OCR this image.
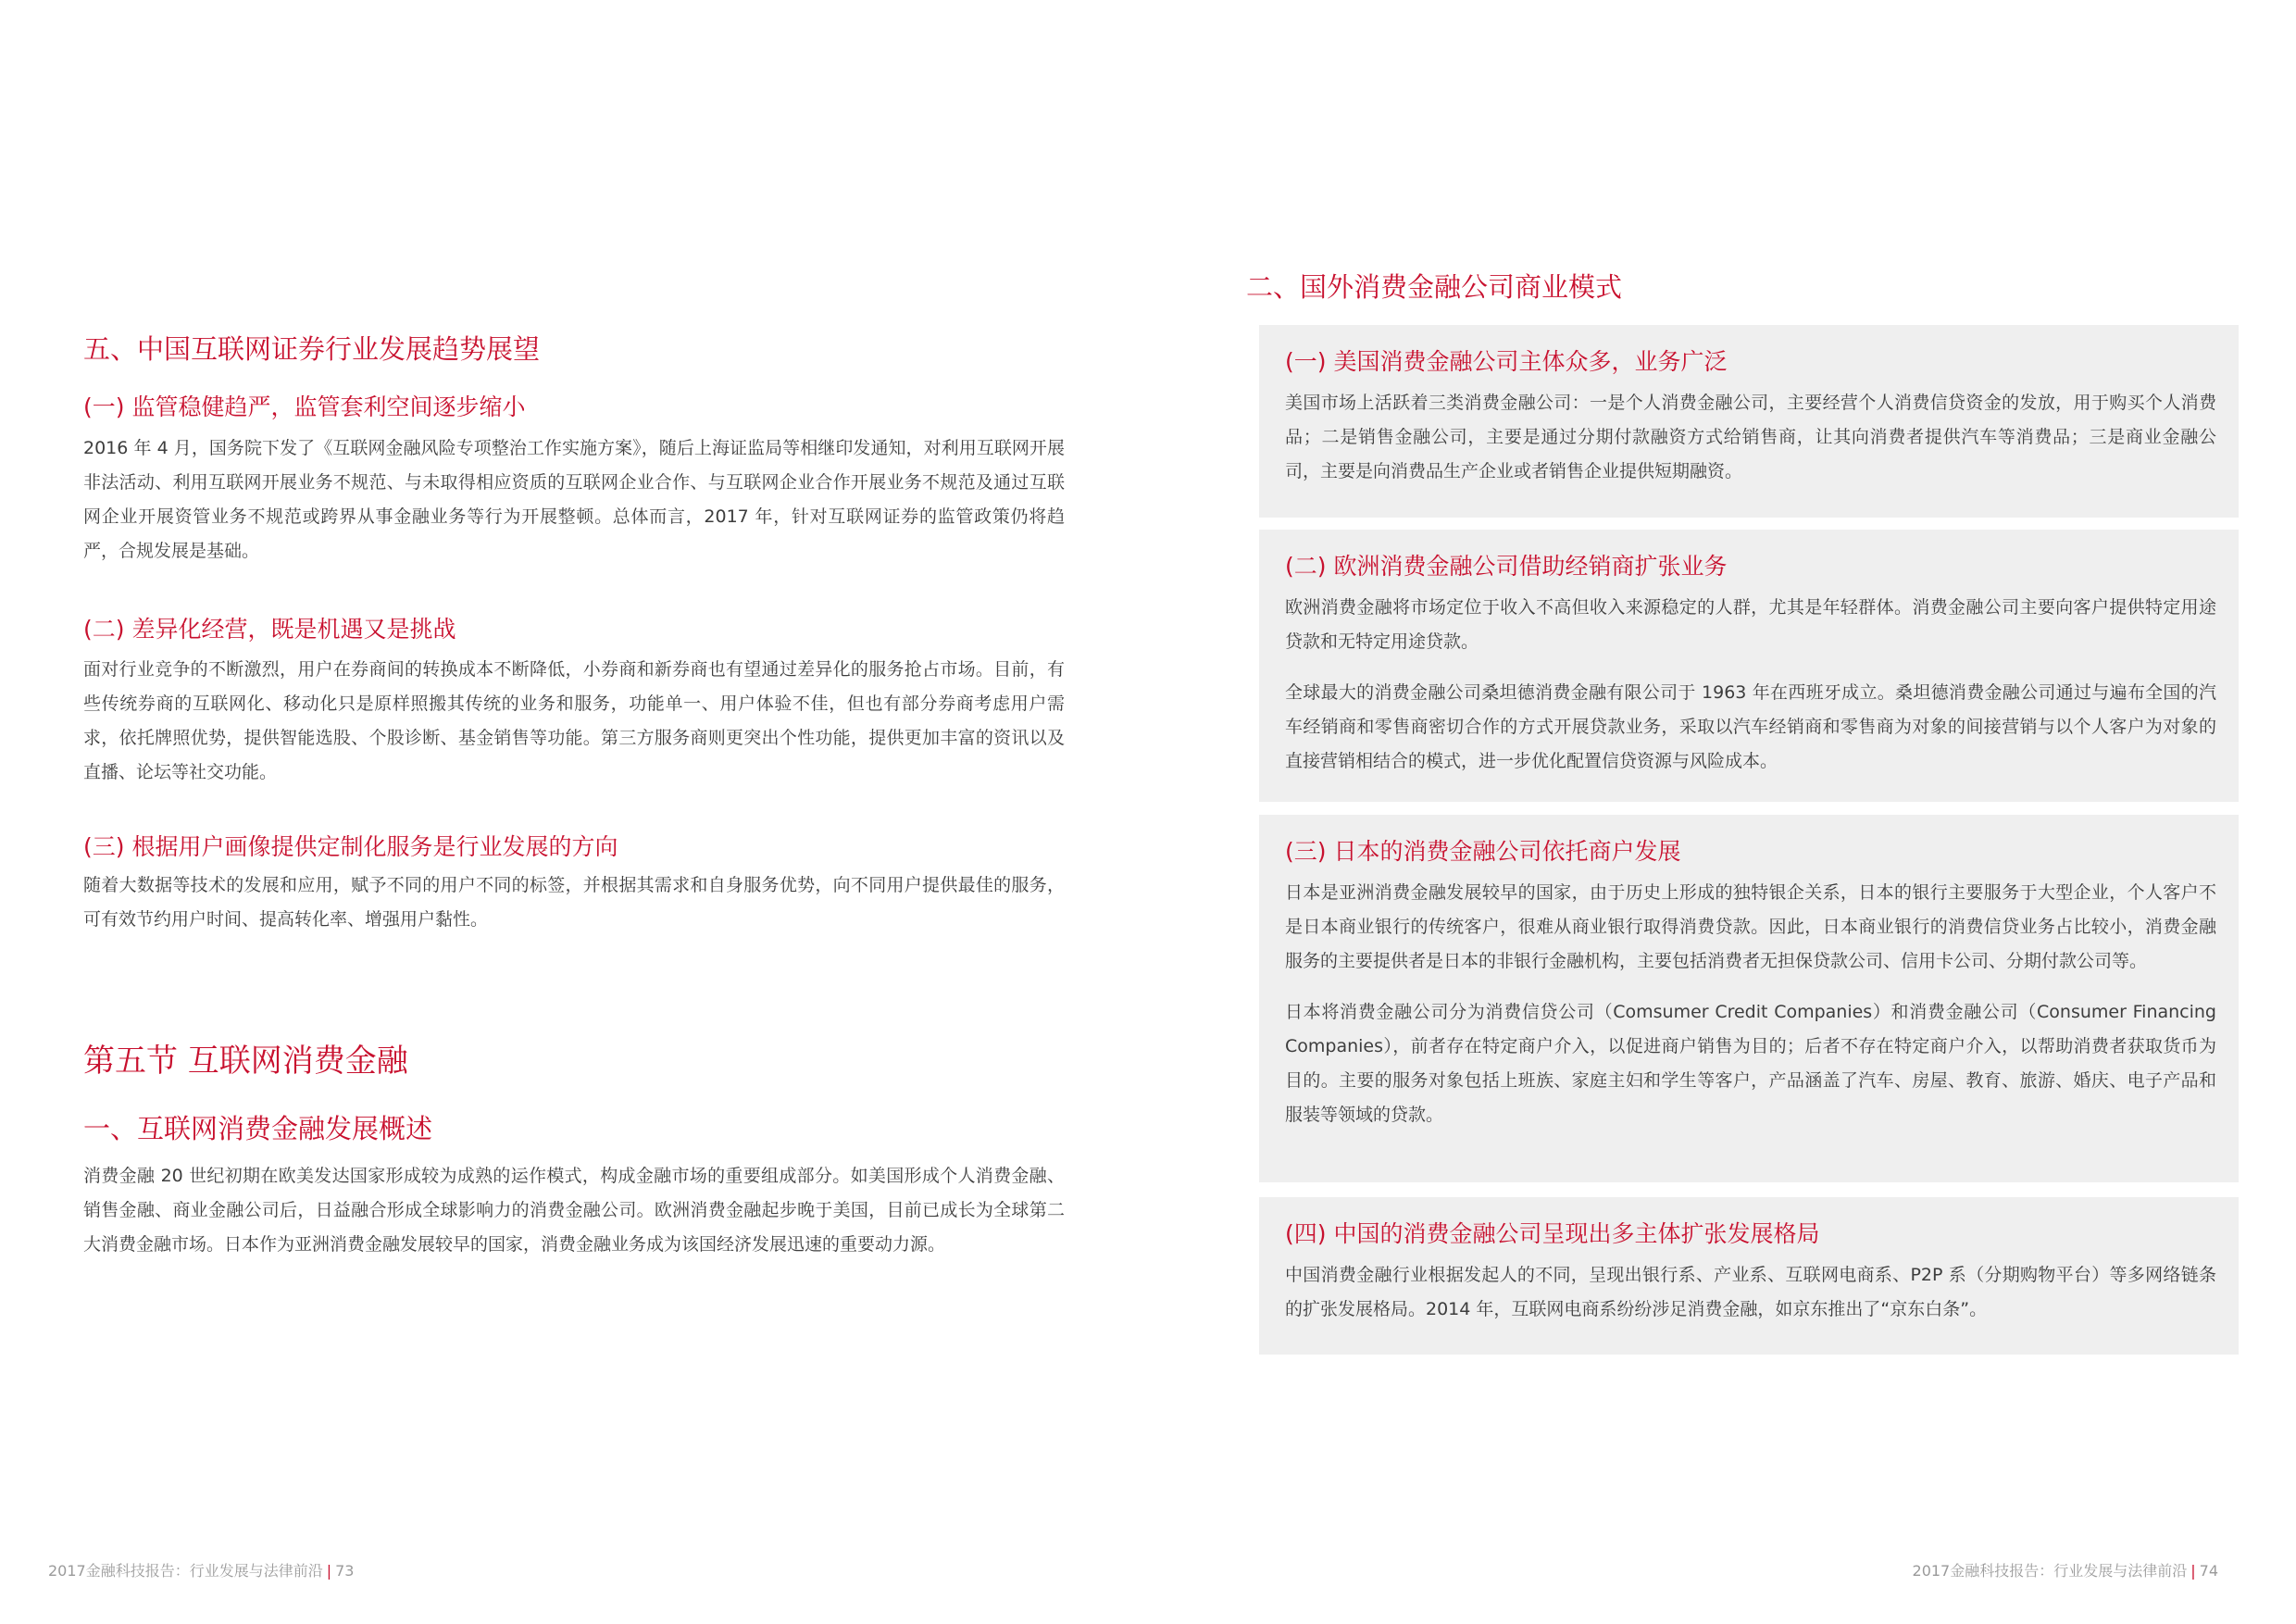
五、中国互联网证券行业发展趋势展望
(一) 监管稳健趋严，监管套利空间逐步缩小

2016 年 4 月，国务院下发了《互联网金融风险专项整治工作实施方案》，随后上海证监局等相继印发通知，对利用互联网开展非法活动、利用互联网开展业务不规范、与未取得相应资质的互联网企业合作、与互联网企业合作开展业务不规范及通过互联网企业开展资管业务不规范或跨界从事金融业务等行为开展整顿。总体而言，2017 年，针对互联网证券的监管政策仍将趋严，合规发展是基础。

(二) 差异化经营，既是机遇又是挑战

面对行业竞争的不断激烈，用户在券商间的转换成本不断降低，小券商和新券商也有望通过差异化的服务抢占市场。目前，有些传统券商的互联网化、移动化只是原样照搬其传统的业务和服务，功能单一、用户体验不佳，但也有部分券商考虑用户需求，依托牌照优势，提供智能选股、个股诊断、基金销售等功能。第三方服务商则更突出个性功能，提供更加丰富的资讯以及直播、论坛等社交功能。

(三) 根据用户画像提供定制化服务是行业发展的方向

随着大数据等技术的发展和应用，赋予不同的用户不同的标签，并根据其需求和自身服务优势，向不同用户提供最佳的服务，可有效节约用户时间、提高转化率、增强用户黏性。

第五节 互联网消费金融
一、互联网消费金融发展概述

消费金融 20 世纪初期在欧美发达国家形成较为成熟的运作模式，构成金融市场的重要组成部分。如美国形成个人消费金融、销售金融、商业金融公司后，日益融合形成全球影响力的消费金融公司。欧洲消费金融起步晚于美国，目前已成长为全球第二大消费金融市场。日本作为亚洲消费金融发展较早的国家，消费金融业务成为该国经济发展迅速的重要动力源。

2017金融科技报告：行业发展与法律前沿 | 73
二、国外消费金融公司商业模式
(一) 美国消费金融公司主体众多，业务广泛

美国市场上活跃着三类消费金融公司：一是个人消费金融公司，主要经营个人消费信贷资金的发放，用于购买个人消费品；二是销售金融公司，主要是通过分期付款融资方式给销售商，让其向消费者提供汽车等消费品；三是商业金融公司，主要是向消费品生产企业或者销售企业提供短期融资。

(二) 欧洲消费金融公司借助经销商扩张业务

欧洲消费金融将市场定位于收入不高但收入来源稳定的人群，尤其是年轻群体。消费金融公司主要向客户提供特定用途贷款和无特定用途贷款。

全球最大的消费金融公司桑坦德消费金融有限公司于 1963 年在西班牙成立。桑坦德消费金融公司通过与遍布全国的汽车经销商和零售商密切合作的方式开展贷款业务，采取以汽车经销商和零售商为对象的间接营销与以个人客户为对象的直接营销相结合的模式，进一步优化配置信贷资源与风险成本。

(三) 日本的消费金融公司依托商户发展

日本是亚洲消费金融发展较早的国家，由于历史上形成的独特银企关系，日本的银行主要服务于大型企业，个人客户不是日本商业银行的传统客户，很难从商业银行取得消费贷款。因此，日本商业银行的消费信贷业务占比较小，消费金融服务的主要提供者是日本的非银行金融机构，主要包括消费者无担保贷款公司、信用卡公司、分期付款公司等。

日本将消费金融公司分为消费信贷公司（Comsumer Credit Companies）和消费金融公司（Consumer Financing Companies），前者存在特定商户介入，以促进商户销售为目的；后者不存在特定商户介入，以帮助消费者获取货币为目的。主要的服务对象包括上班族、家庭主妇和学生等客户，产品涵盖了汽车、房屋、教育、旅游、婚庆、电子产品和服装等领域的贷款。

(四) 中国的消费金融公司呈现出多主体扩张发展格局

中国消费金融行业根据发起人的不同，呈现出银行系、产业系、互联网电商系、P2P 系（分期购物平台）等多网络链条的扩张发展格局。2014 年，互联网电商系纷纷涉足消费金融，如京东推出了“京东白条”。

2017金融科技报告：行业发展与法律前沿 | 74
